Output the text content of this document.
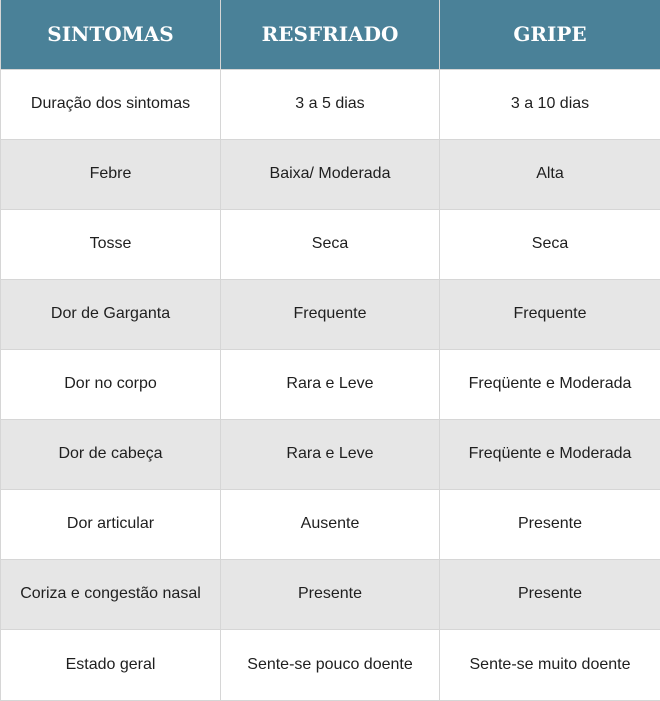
SINTOMAS	RESFRIADO	GRIPE
Duração dos sintomas	3 a 5 dias	3 a 10 dias
Febre	Baixa/ Moderada	Alta
Tosse	Seca	Seca
Dor de Garganta	Frequente	Frequente
Dor no corpo	Rara e Leve	Freqüente e Moderada
Dor de cabeça	Rara e Leve	Freqüente e Moderada
Dor articular	Ausente	Presente
Coriza e congestão nasal	Presente	Presente
Estado geral	Sente-se pouco doente	Sente-se muito doente
